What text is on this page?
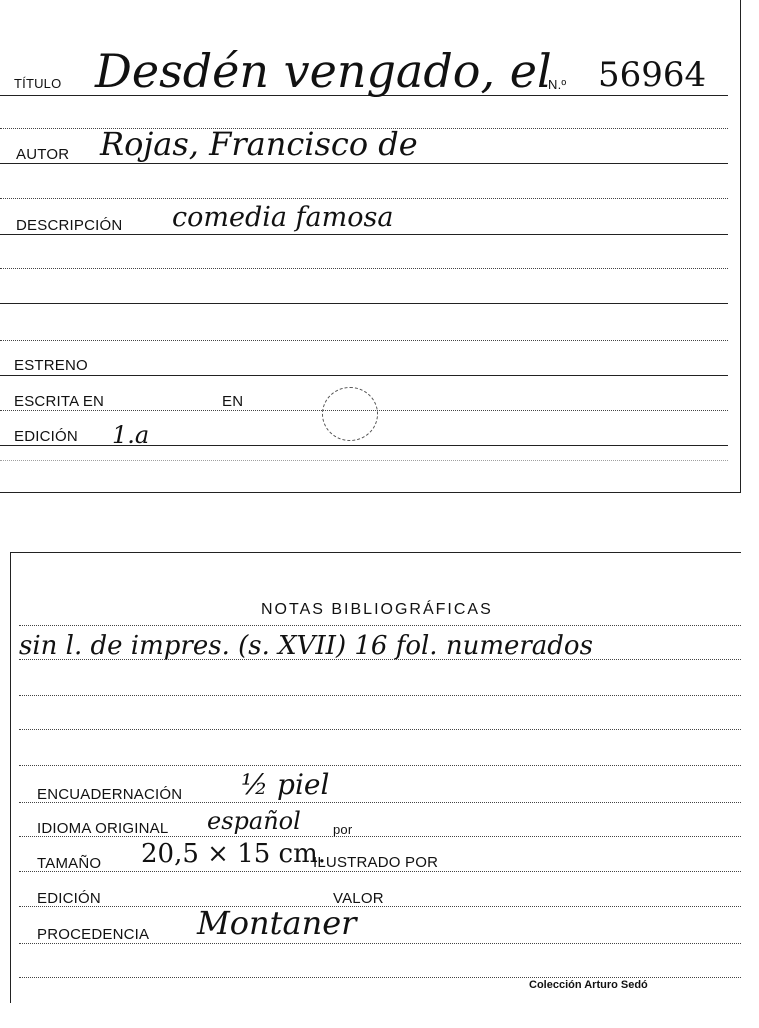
TÍTULO Desdén vengado, el
N.º 56964
AUTOR Rojas, Francisco de
DESCRIPCIÓN comedia famosa
ESTRENO
ESCRITA EN	EN
EDICIÓN 1.a
NOTAS BIBLIOGRÁFICAS
sin l. de impres. (s. XVII) 16 fol. numerados
ENCUADERNACIÓN ½ piel
IDIOMA ORIGINAL español por
TAMAÑO 20,5 × 15 cm.
ILUSTRADO POR
EDICIÓN	VALOR
PROCEDENCIA Montaner
Colección Arturo Sedó
